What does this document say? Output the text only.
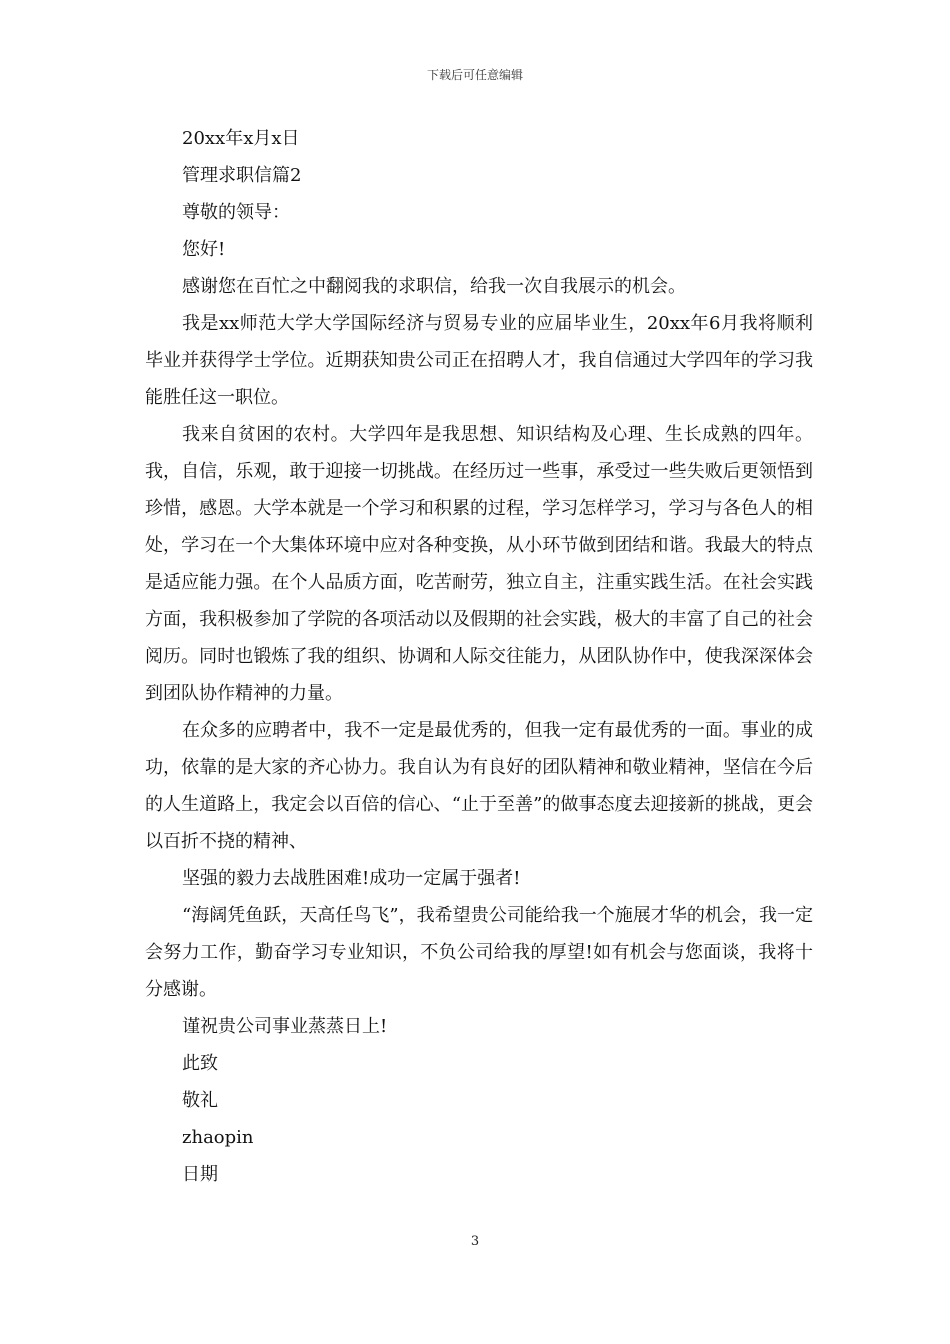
下载后可任意编辑

20xx年x月x日

管理求职信篇2

尊敬的领导：

您好!

感谢您在百忙之中翻阅我的求职信，给我一次自我展示的机会。

我是xx师范大学大学国际经济与贸易专业的应届毕业生，20xx年6月我将顺利毕业并获得学士学位。近期获知贵公司正在招聘人才，我自信通过大学四年的学习我能胜任这一职位。

我来自贫困的农村。大学四年是我思想、知识结构及心理、生长成熟的四年。我，自信，乐观，敢于迎接一切挑战。在经历过一些事，承受过一些失败后更领悟到珍惜，感恩。大学本就是一个学习和积累的过程，学习怎样学习，学习与各色人的相处，学习在一个大集体环境中应对各种变换，从小环节做到团结和谐。我最大的特点是适应能力强。在个人品质方面，吃苦耐劳，独立自主，注重实践生活。在社会实践方面，我积极参加了学院的各项活动以及假期的社会实践，极大的丰富了自己的社会阅历。同时也锻炼了我的组织、协调和人际交往能力，从团队协作中，使我深深体会到团队协作精神的力量。

在众多的应聘者中，我不一定是最优秀的，但我一定有最优秀的一面。事业的成功，依靠的是大家的齐心协力。我自认为有良好的团队精神和敬业精神，坚信在今后的人生道路上，我定会以百倍的信心、“止于至善”的做事态度去迎接新的挑战，更会以百折不挠的精神、

坚强的毅力去战胜困难!成功一定属于强者!

“海阔凭鱼跃，天高任鸟飞”，我希望贵公司能给我一个施展才华的机会，我一定会努力工作，勤奋学习专业知识，不负公司给我的厚望!如有机会与您面谈，我将十分感谢。

谨祝贵公司事业蒸蒸日上!

此致

敬礼

zhaopin

日期

3
